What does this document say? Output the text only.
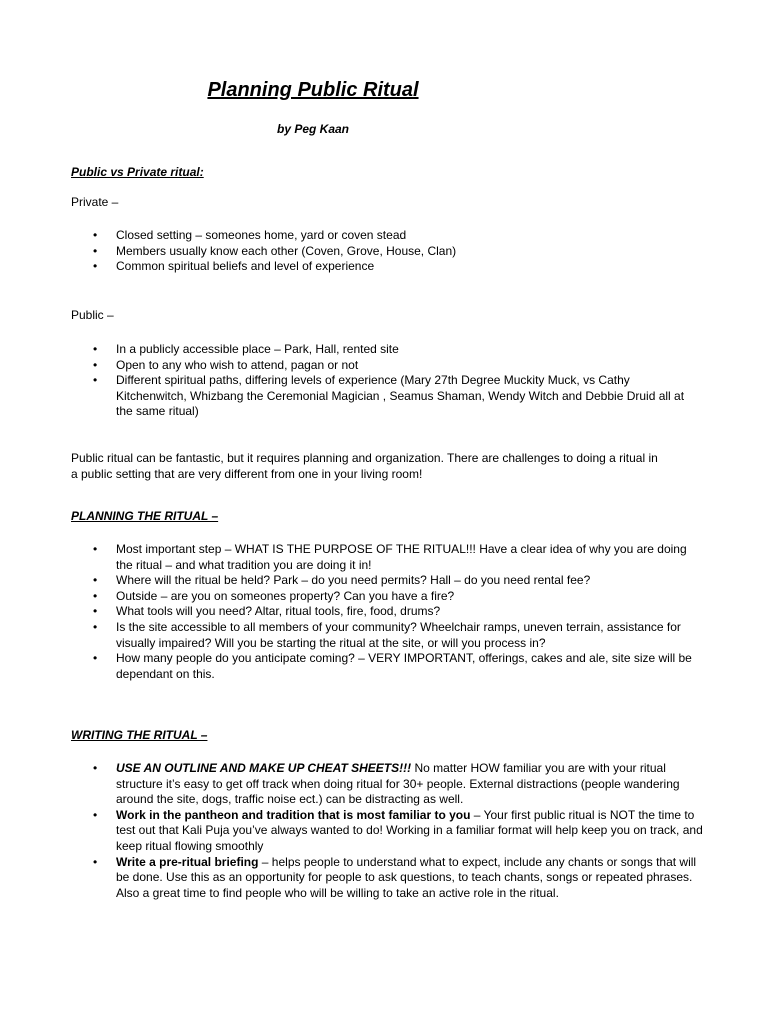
Planning Public Ritual
by Peg Kaan
Public vs Private ritual:
Private –
• Closed setting – someones home, yard or coven stead
• Members usually know each other (Coven, Grove, House, Clan)
• Common spiritual beliefs and level of experience
Public –
• In a publicly accessible place – Park, Hall, rented site
• Open to any who wish to attend, pagan or not
• Different spiritual paths, differing levels of experience (Mary 27th Degree Muckity Muck, vs Cathy Kitchenwitch, Whizbang the Ceremonial Magician , Seamus Shaman, Wendy Witch and Debbie Druid all at the same ritual)
Public ritual can be fantastic, but it requires planning and organization. There are challenges to doing a ritual in a public setting that are very different from one in your living room!
PLANNING THE RITUAL –
• Most important step – WHAT IS THE PURPOSE OF THE RITUAL!!! Have a clear idea of why you are doing the ritual – and what tradition you are doing it in!
• Where will the ritual be held? Park – do you need permits? Hall – do you need rental fee?
• Outside – are you on someones property? Can you have a fire?
• What tools will you need? Altar, ritual tools, fire, food, drums?
• Is the site accessible to all members of your community? Wheelchair ramps, uneven terrain, assistance for visually impaired? Will you be starting the ritual at the site, or will you process in?
• How many people do you anticipate coming? – VERY IMPORTANT, offerings, cakes and ale, site size will be dependant on this.
WRITING THE RITUAL –
• USE AN OUTLINE AND MAKE UP CHEAT SHEETS!!! No matter HOW familiar you are with your ritual structure it’s easy to get off track when doing ritual for 30+ people. External distractions (people wandering around the site, dogs, traffic noise ect.) can be distracting as well.
• Work in the pantheon and tradition that is most familiar to you – Your first public ritual is NOT the time to test out that Kali Puja you’ve always wanted to do! Working in a familiar format will help keep you on track, and keep ritual flowing smoothly
• Write a pre-ritual briefing – helps people to understand what to expect, include any chants or songs that will be done. Use this as an opportunity for people to ask questions, to teach chants, songs or repeated phrases. Also a great time to find people who will be willing to take an active role in the ritual.
